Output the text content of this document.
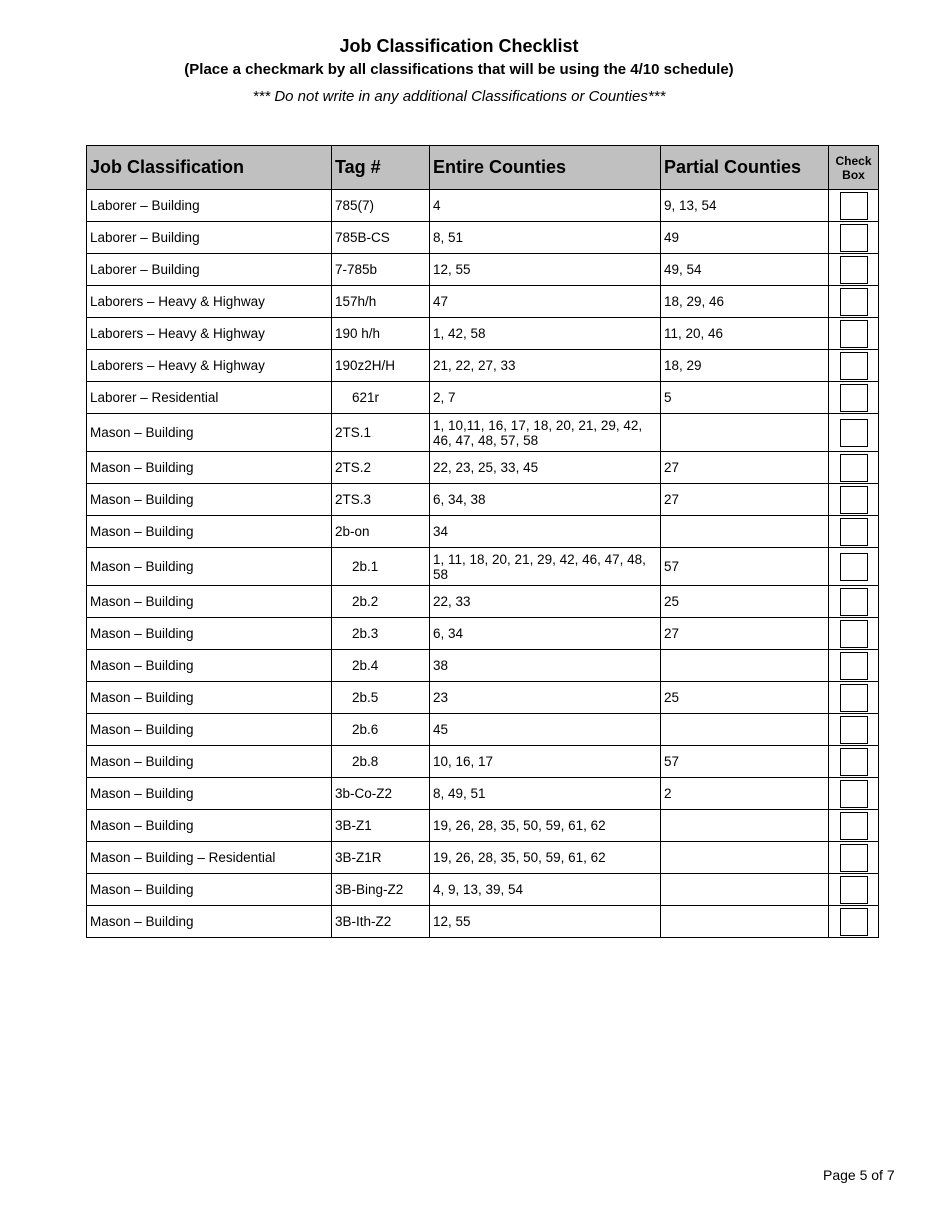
Job Classification Checklist
(Place a checkmark by all classifications that will be using the 4/10 schedule)
*** Do not write in any additional Classifications or Counties***
Job Classification	Tag #	Entire Counties	Partial Counties	Check
Box
Laborer – Building	785(7)	4	9, 13, 54	
Laborer – Building	785B-CS	8, 51	49	
Laborer – Building	7-785b	12, 55	49, 54	
Laborers – Heavy & Highway	157h/h	47	18, 29, 46	
Laborers – Heavy & Highway	190 h/h	1, 42, 58	11, 20, 46	
Laborers – Heavy & Highway	190z2H/H	21, 22, 27, 33	18, 29	
Laborer – Residential	621r	2, 7	5	
Mason – Building	2TS.1	1, 10,11, 16, 17, 18, 20, 21, 29, 42, 46, 47, 48, 57, 58		
Mason – Building	2TS.2	22, 23, 25, 33, 45	27	
Mason – Building	2TS.3	6, 34, 38	27	
Mason – Building	2b-on	34		
Mason – Building	2b.1	1, 11, 18, 20, 21, 29, 42, 46, 47, 48, 58	57	
Mason – Building	2b.2	22, 33	25	
Mason – Building	2b.3	6, 34	27	
Mason – Building	2b.4	38		
Mason – Building	2b.5	23	25	
Mason – Building	2b.6	45		
Mason – Building	2b.8	10, 16, 17	57	
Mason – Building	3b-Co-Z2	8, 49, 51	2	
Mason – Building	3B-Z1	19, 26, 28, 35, 50, 59, 61, 62		
Mason – Building – Residential	3B-Z1R	19, 26, 28, 35, 50, 59, 61, 62		
Mason – Building	3B-Bing-Z2	4, 9, 13, 39, 54		
Mason – Building	3B-Ith-Z2	12, 55		
Page 5 of 7
